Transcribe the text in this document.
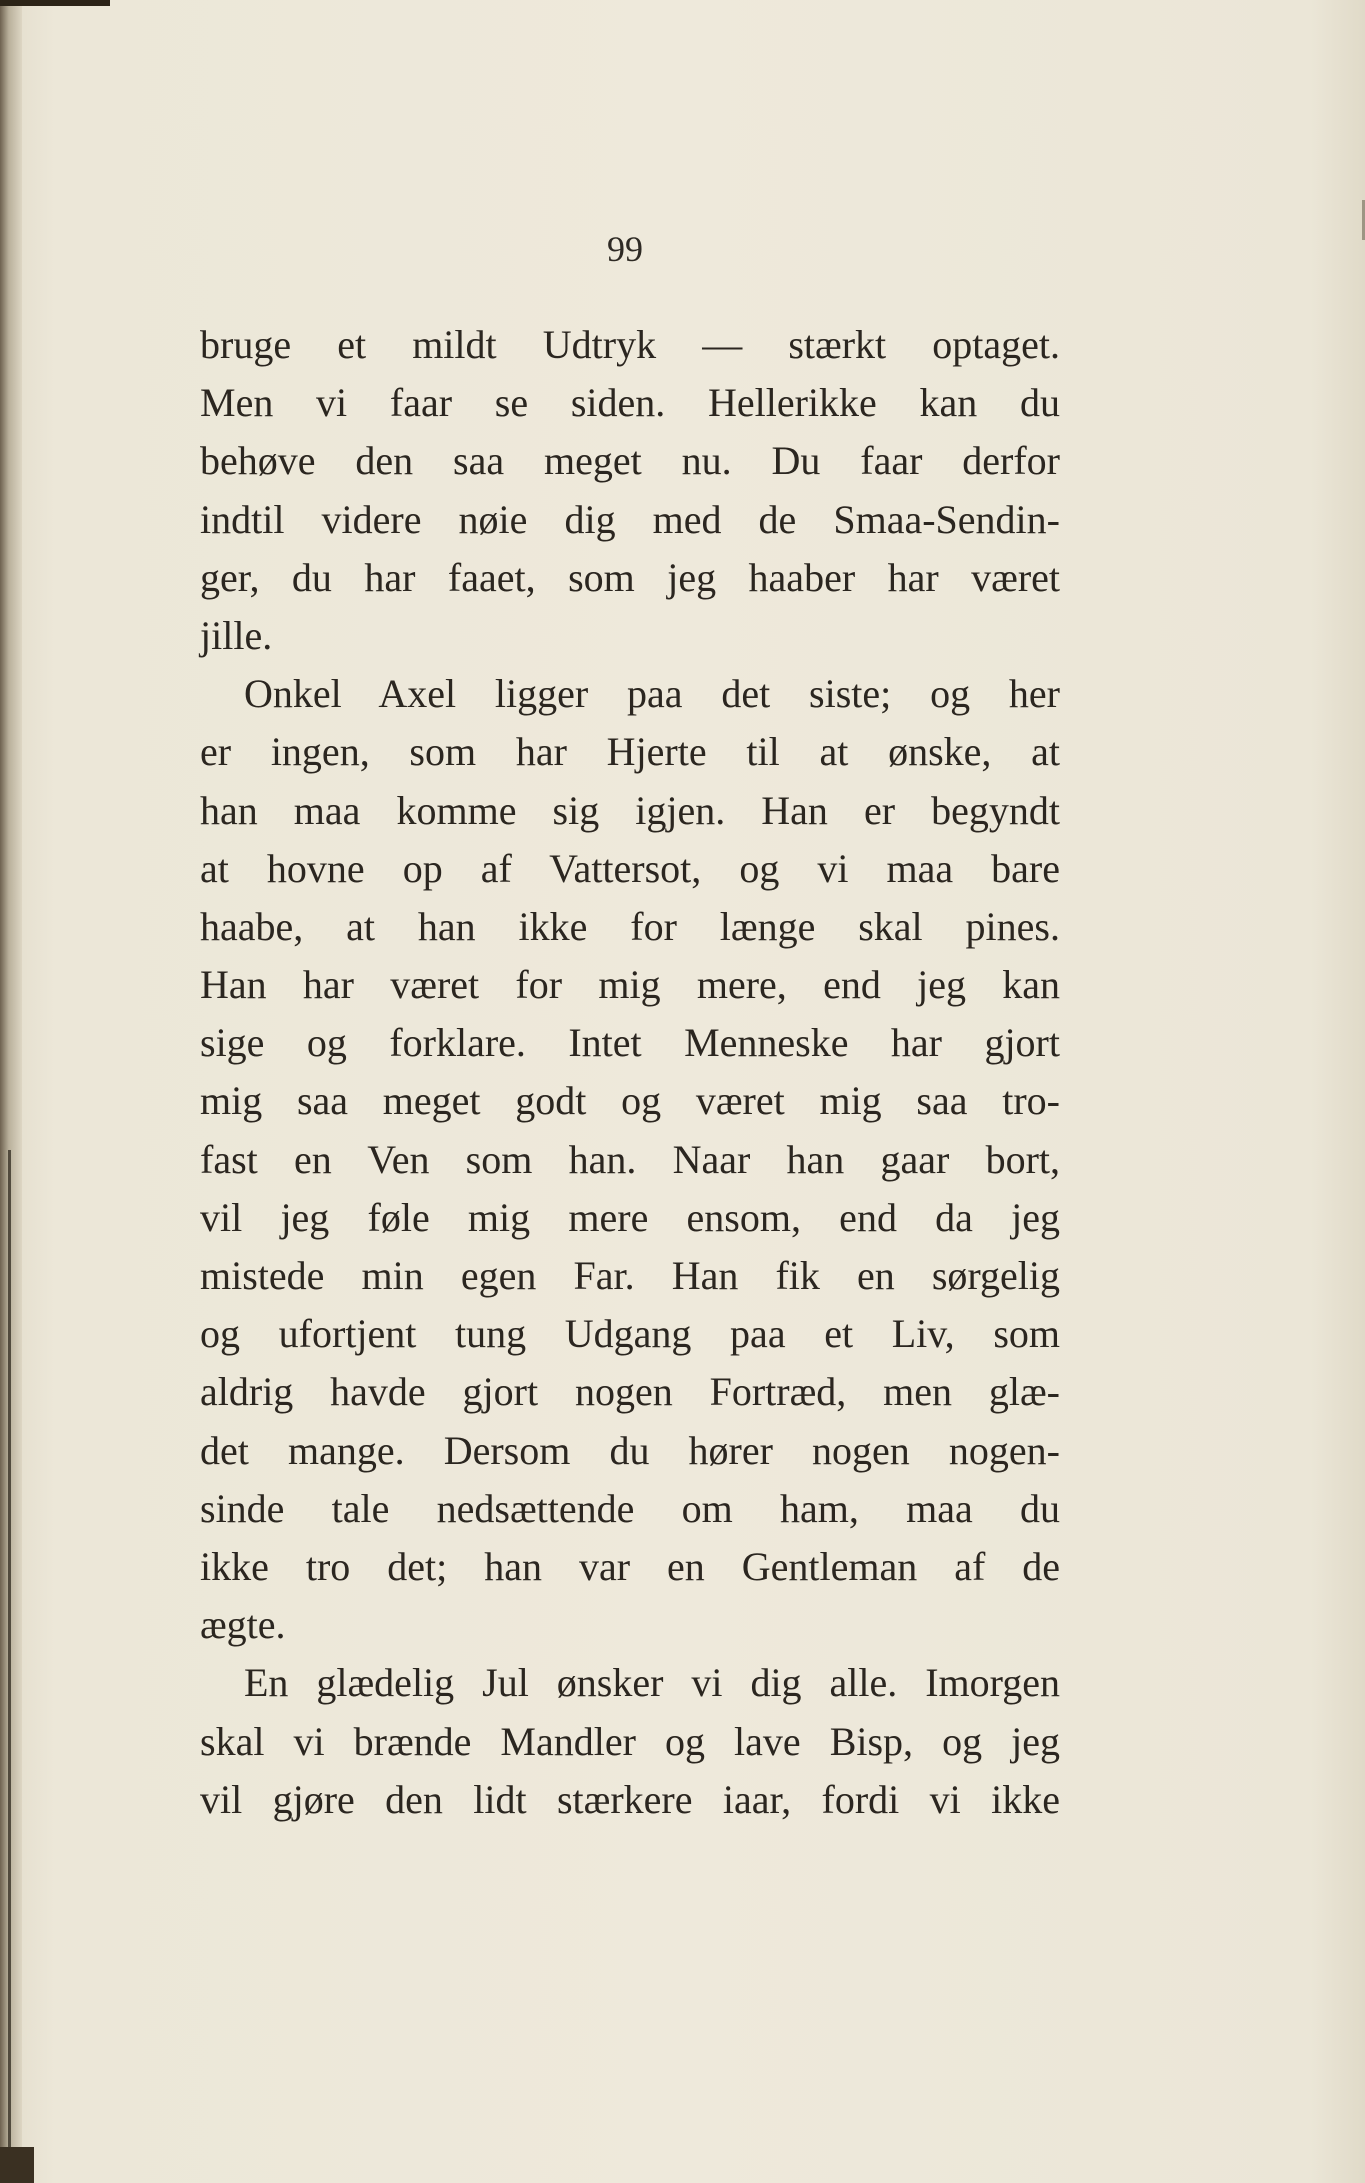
99

bruge et mildt Udtryk — stærkt optaget.
Men vi faar se siden. Hellerikke kan du
behøve den saa meget nu. Du faar derfor
indtil videre nøie dig med de Smaa-Sendin-
ger, du har faaet, som jeg haaber har været
jille.
Onkel Axel ligger paa det siste; og her
er ingen, som har Hjerte til at ønske, at
han maa komme sig igjen. Han er begyndt
at hovne op af Vattersot, og vi maa bare
haabe, at han ikke for længe skal pines.
Han har været for mig mere, end jeg kan
sige og forklare. Intet Menneske har gjort
mig saa meget godt og været mig saa tro-
fast en Ven som han. Naar han gaar bort,
vil jeg føle mig mere ensom, end da jeg
mistede min egen Far. Han fik en sørgelig
og ufortjent tung Udgang paa et Liv, som
aldrig havde gjort nogen Fortræd, men glæ-
det mange. Dersom du hører nogen nogen-
sinde tale nedsættende om ham, maa du
ikke tro det; han var en Gentleman af de
ægte.
En glædelig Jul ønsker vi dig alle. Imorgen
skal vi brænde Mandler og lave Bisp, og jeg
vil gjøre den lidt stærkere iaar, fordi vi ikke
